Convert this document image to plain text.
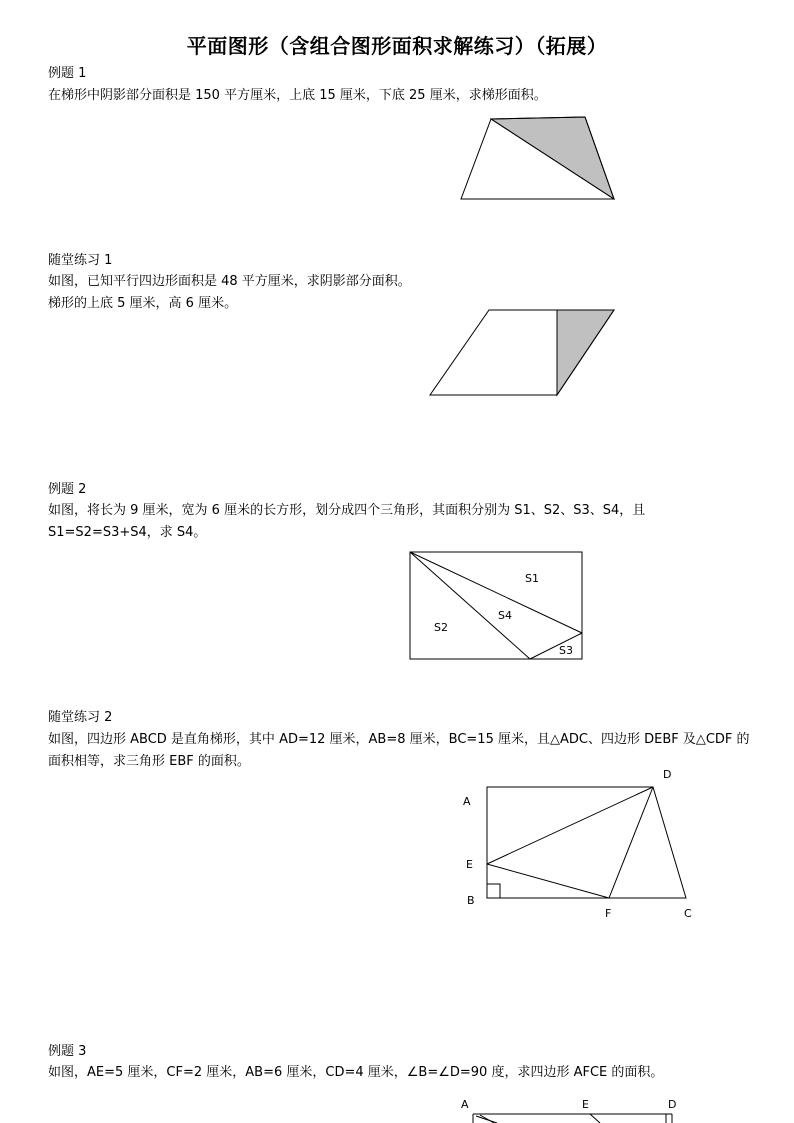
平面图形（含组合图形面积求解练习）（拓展）
例题 1
在梯形中阴影部分面积是 150 平方厘米，上底 15 厘米，下底 25 厘米，求梯形面积。
随堂练习 1
如图，已知平行四边形面积是 48 平方厘米，求阴影部分面积。
梯形的上底 5 厘米，高 6 厘米。
例题 2
如图，将长为 9 厘米，宽为 6 厘米的长方形，划分成四个三角形，其面积分别为 S1、S2、S3、S4，且 S1=S2=S3+S4，求 S4。
随堂练习 2
如图，四边形 ABCD 是直角梯形，其中 AD=12 厘米，AB=8 厘米，BC=15 厘米，且△ADC、四边形 DEBF 及△CDF 的面积相等，求三角形 EBF 的面积。
例题 3
如图，AE=5 厘米，CF=2 厘米，AB=6 厘米，CD=4 厘米，∠B=∠D=90 度，求四边形 AFCE 的面积。
S1
S2
S3
S4
A
D
E
B
F	C
A	E	D
